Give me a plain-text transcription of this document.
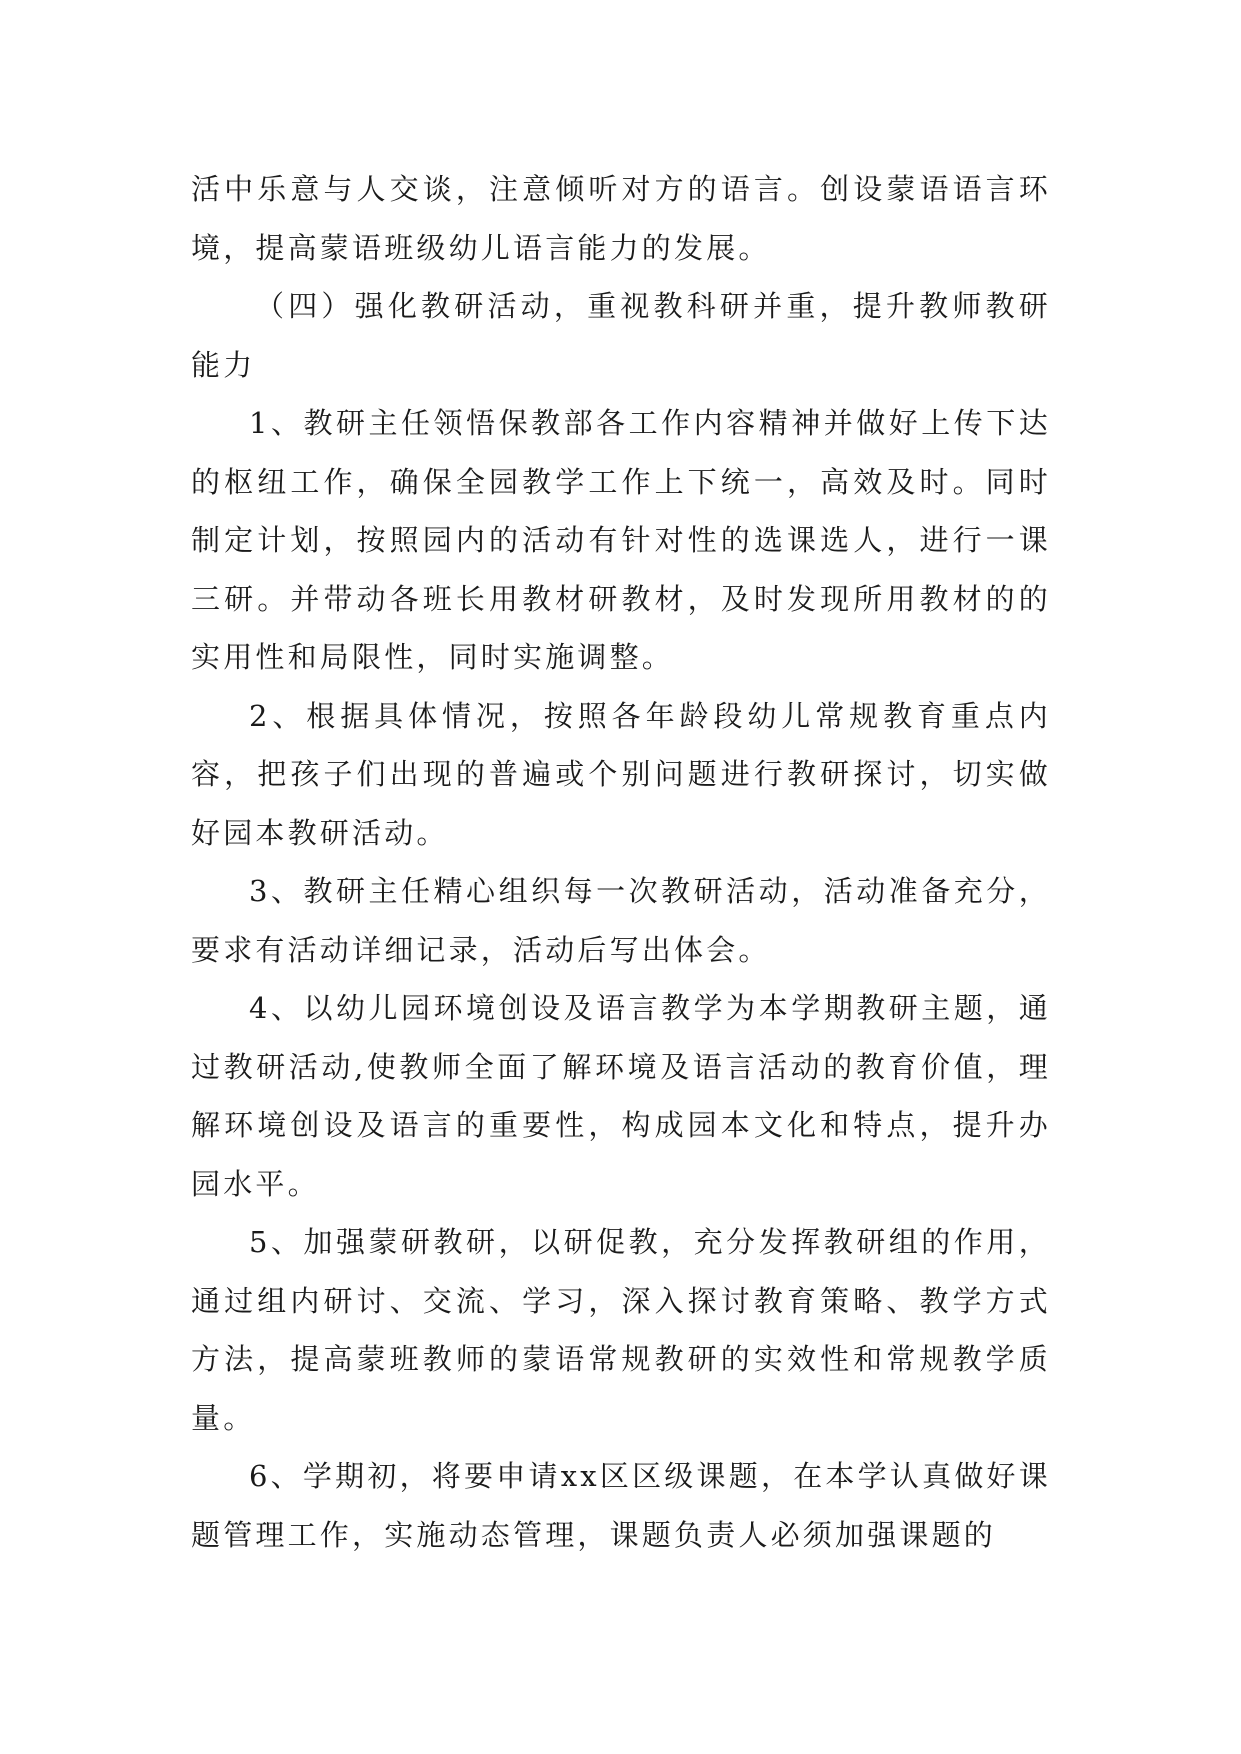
活中乐意与人交谈，注意倾听对方的语言。创设蒙语语言环境，提高蒙语班级幼儿语言能力的发展。

（四）强化教研活动，重视教科研并重，提升教师教研能力

1、教研主任领悟保教部各工作内容精神并做好上传下达的枢纽工作，确保全园教学工作上下统一，高效及时。同时制定计划，按照园内的活动有针对性的选课选人，进行一课三研。并带动各班长用教材研教材，及时发现所用教材的的实用性和局限性，同时实施调整。

2、根据具体情况，按照各年龄段幼儿常规教育重点内容，把孩子们出现的普遍或个别问题进行教研探讨，切实做好园本教研活动。

3、教研主任精心组织每一次教研活动，活动准备充分，要求有活动详细记录，活动后写出体会。

4、以幼儿园环境创设及语言教学为本学期教研主题，通过教研活动,使教师全面了解环境及语言活动的教育价值，理解环境创设及语言的重要性，构成园本文化和特点，提升办园水平。

5、加强蒙研教研，以研促教，充分发挥教研组的作用，通过组内研讨、交流、学习，深入探讨教育策略、教学方式方法，提高蒙班教师的蒙语常规教研的实效性和常规教学质量。

6、学期初，将要申请xx区区级课题，在本学认真做好课题管理工作，实施动态管理，课题负责人必须加强课题的
